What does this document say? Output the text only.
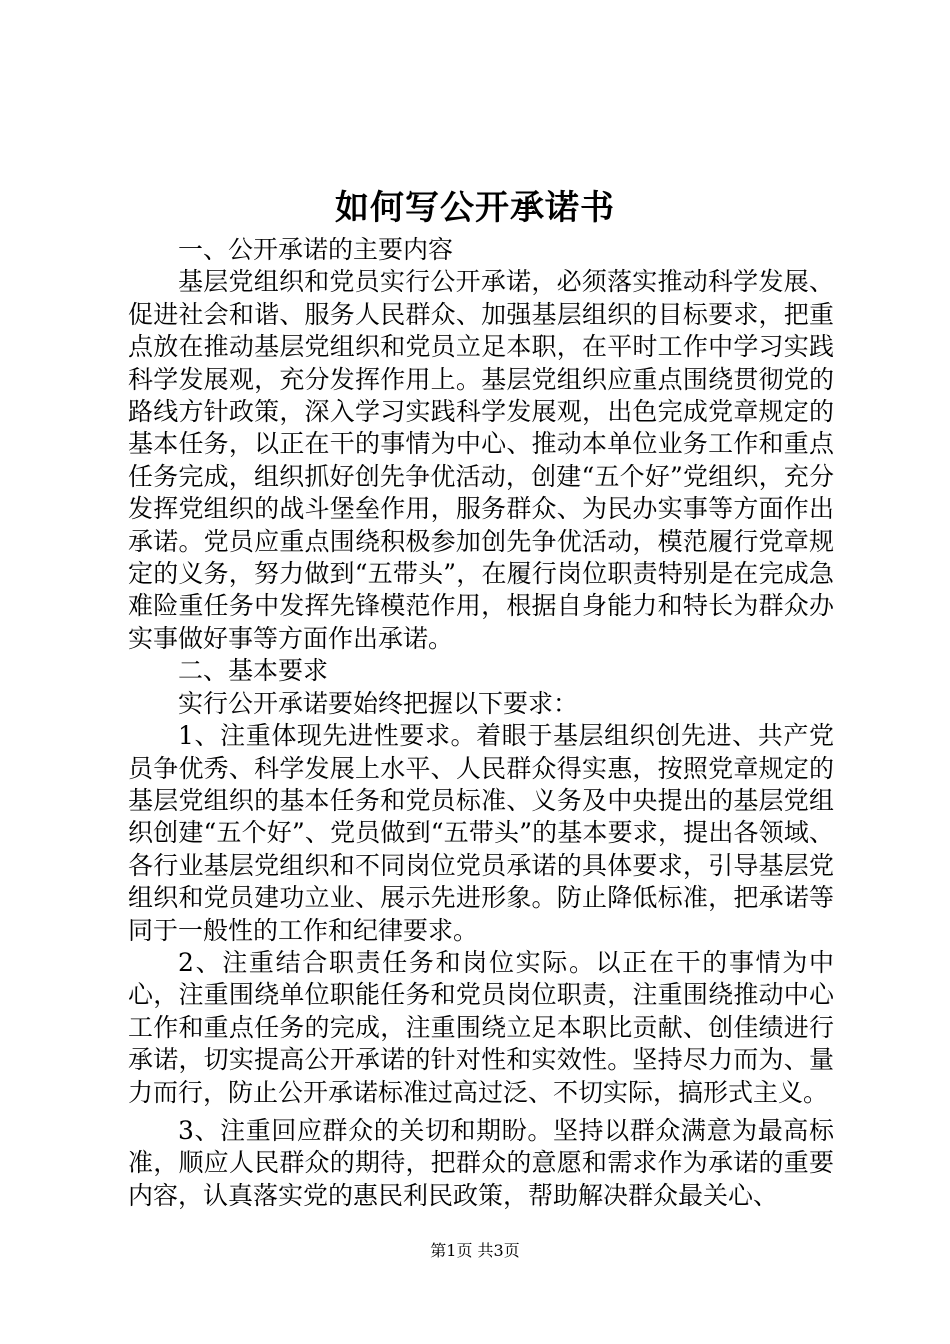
如何写公开承诺书

一、公开承诺的主要内容

基层党组织和党员实行公开承诺，必须落实推动科学发展、促进社会和谐、服务人民群众、加强基层组织的目标要求，把重点放在推动基层党组织和党员立足本职，在平时工作中学习实践科学发展观，充分发挥作用上。基层党组织应重点围绕贯彻党的路线方针政策，深入学习实践科学发展观，出色完成党章规定的基本任务，以正在干的事情为中心、推动本单位业务工作和重点任务完成，组织抓好创先争优活动，创建“五个好”党组织，充分发挥党组织的战斗堡垒作用，服务群众、为民办实事等方面作出承诺。党员应重点围绕积极参加创先争优活动，模范履行党章规定的义务，努力做到“五带头”，在履行岗位职责特别是在完成急难险重任务中发挥先锋模范作用，根据自身能力和特长为群众办实事做好事等方面作出承诺。

二、基本要求

实行公开承诺要始终把握以下要求：

1、注重体现先进性要求。着眼于基层组织创先进、共产党员争优秀、科学发展上水平、人民群众得实惠，按照党章规定的基层党组织的基本任务和党员标准、义务及中央提出的基层党组织创建“五个好”、党员做到“五带头”的基本要求，提出各领域、各行业基层党组织和不同岗位党员承诺的具体要求，引导基层党组织和党员建功立业、展示先进形象。防止降低标准，把承诺等同于一般性的工作和纪律要求。

2、注重结合职责任务和岗位实际。以正在干的事情为中心，注重围绕单位职能任务和党员岗位职责，注重围绕推动中心工作和重点任务的完成，注重围绕立足本职比贡献、创佳绩进行承诺，切实提高公开承诺的针对性和实效性。坚持尽力而为、量力而行，防止公开承诺标准过高过泛、不切实际，搞形式主义。

3、注重回应群众的关切和期盼。坚持以群众满意为最高标准，顺应人民群众的期待，把群众的意愿和需求作为承诺的重要内容，认真落实党的惠民利民政策，帮助解决群众最关心、

第1页 共3页
